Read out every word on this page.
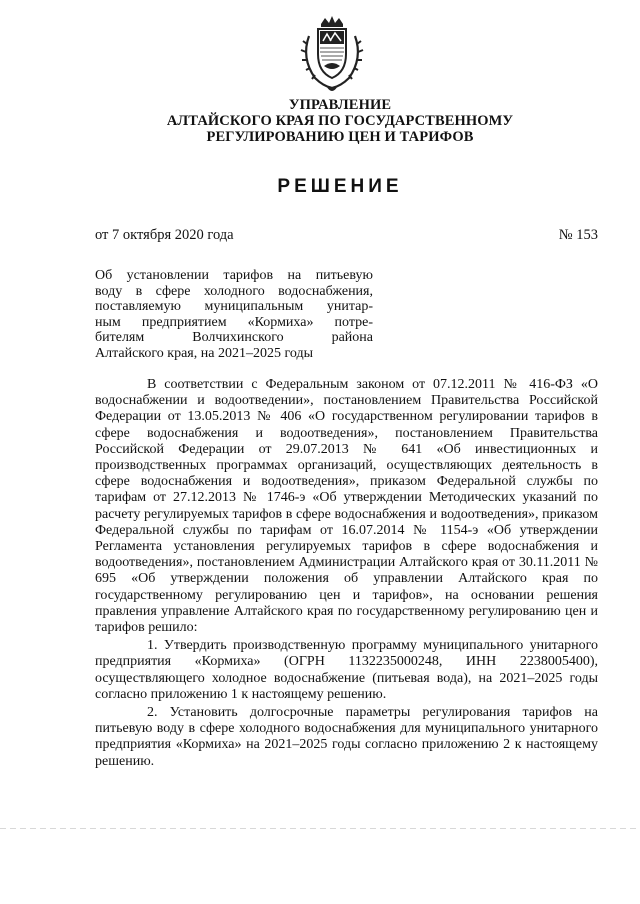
УПРАВЛЕНИЕ
АЛТАЙСКОГО КРАЯ ПО ГОСУДАРСТВЕННОМУ
РЕГУЛИРОВАНИЮ ЦЕН И ТАРИФОВ
РЕШЕНИЕ
от 7 октября 2020 года	№ 153
Об установлении тарифов на питьевую
воду в сфере холодного водоснабжения,
поставляемую муниципальным унитар-
ным предприятием «Кормиха» потре-
бителям Волчихинского района
Алтайского края, на 2021–2025 годы

В соответствии с Федеральным законом от 07.12.2011 № 416-ФЗ «О водоснабжении и водоотведении», постановлением Правительства Российской Федерации от 13.05.2013 № 406 «О государственном регулировании тарифов в сфере водоснабжения и водоотведения», постановлением Правительства Российской Федерации от 29.07.2013 № 641 «Об инвестиционных и производственных программах организаций, осуществляющих деятельность в сфере водоснабжения и водоотведения», приказом Федеральной службы по тарифам от 27.12.2013 № 1746-э «Об утверждении Методических указаний по расчету регулируемых тарифов в сфере водоснабжения и водоотведения», приказом Федеральной службы по тарифам от 16.07.2014 № 1154-э «Об утверждении Регламента установления регулируемых тарифов в сфере водоснабжения и водоотведения», постановлением Администрации Алтайского края от 30.11.2011 № 695 «Об утверждении положения об управлении Алтайского края по государственному регулированию цен и тарифов», на основании решения правления управление Алтайского края по государственному регулированию цен и тарифов решило:

1. Утвердить производственную программу муниципального унитарного предприятия «Кормиха» (ОГРН 1132235000248, ИНН 2238005400), осуществляющего холодное водоснабжение (питьевая вода), на 2021–2025 годы согласно приложению 1 к настоящему решению.

2. Установить долгосрочные параметры регулирования тарифов на питьевую воду в сфере холодного водоснабжения для муниципального унитарного предприятия «Кормиха» на 2021–2025 годы согласно приложению 2 к настоящему решению.
